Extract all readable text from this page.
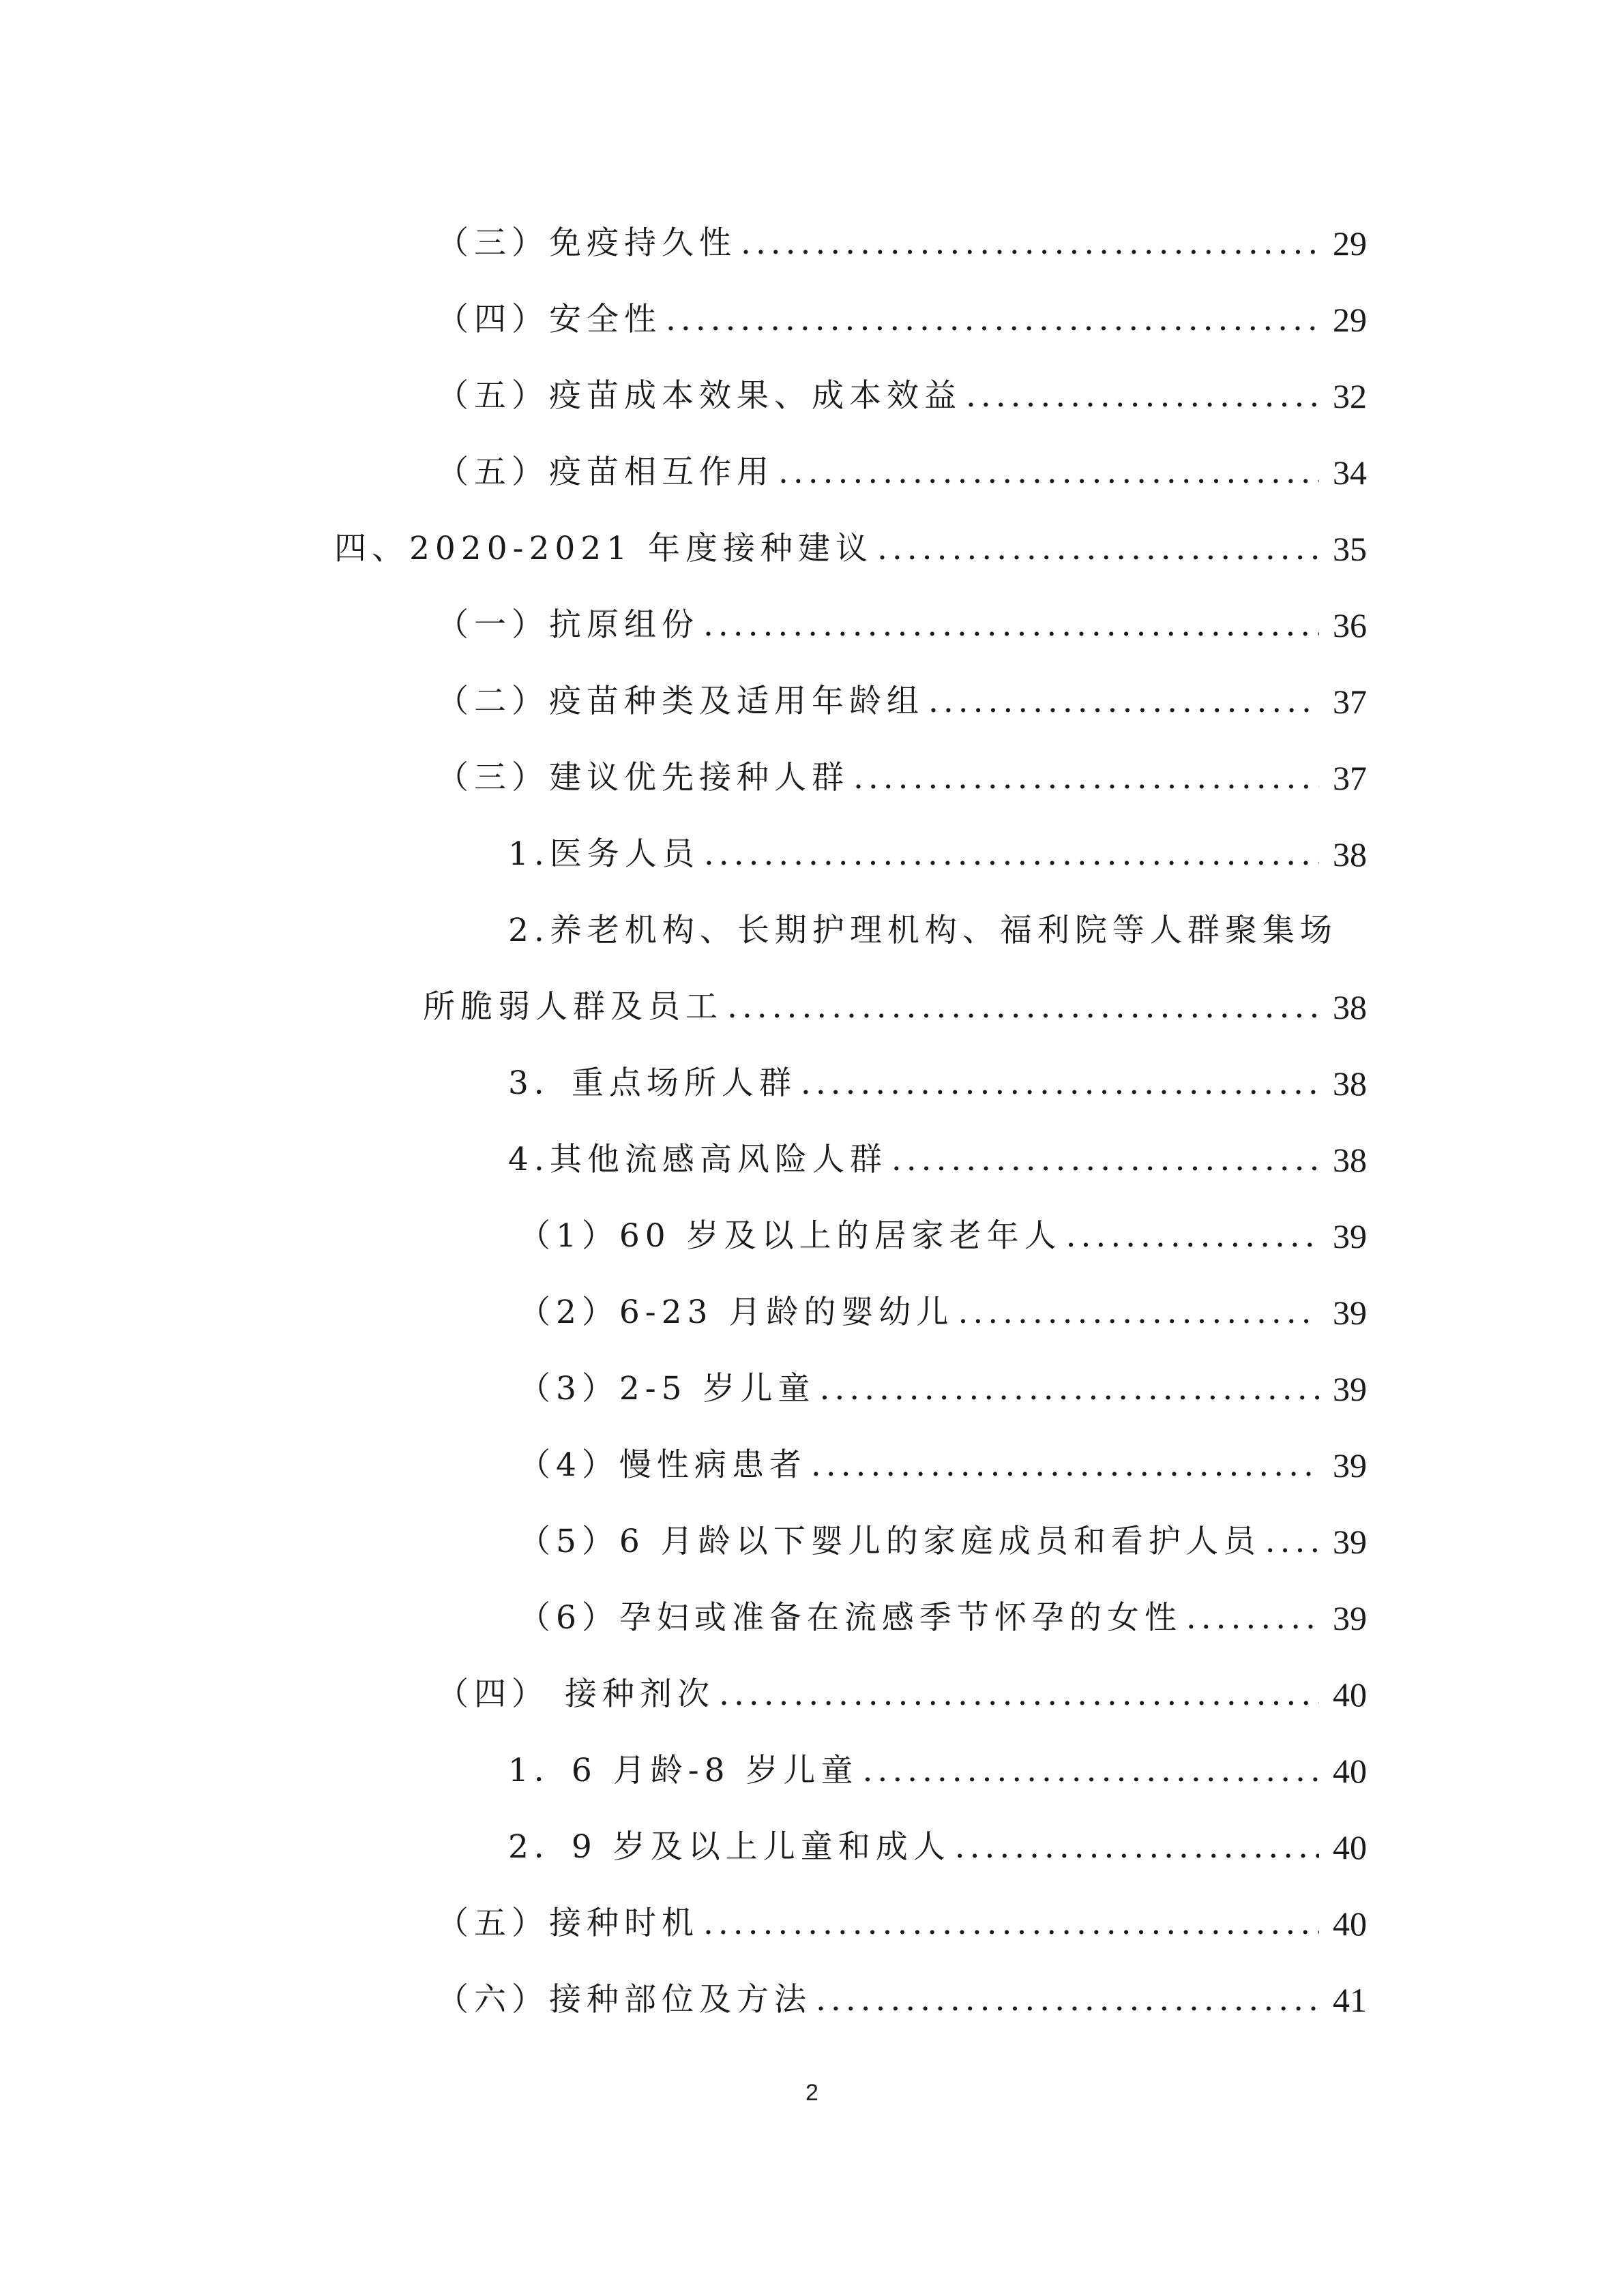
（三）免疫持久性 . . .	29
（四）安全性 . . .	29
（五）疫苗成本效果、成本效益 . . .	32
（五）疫苗相互作用 . . .	34
四、2020-2021 年度接种建议 . . .	35
（一）抗原组份 . . .	36
（二）疫苗种类及适用年龄组 . . .	37
（三）建议优先接种人群 . . .	37
1.医务人员 . . .	38
2.养老机构、长期护理机构、福利院等人群聚集场
所脆弱人群及员工 . . .	38
3．重点场所人群 . . .	38
4.其他流感高风险人群 . . .	38
（1）60 岁及以上的居家老年人 . . .	39
（2）6-23 月龄的婴幼儿 . . .	39
（3）2-5 岁儿童 . . .	39
（4）慢性病患者 . . .	39
（5）6 月龄以下婴儿的家庭成员和看护人员 . . . 39
（6）孕妇或准备在流感季节怀孕的女性 . . .	39
（四） 接种剂次 . . .	40
1．6 月龄-8 岁儿童 . . .	40
2．9 岁及以上儿童和成人 . . .	40
（五）接种时机 . . .	40
（六）接种部位及方法 . . .	41
2
